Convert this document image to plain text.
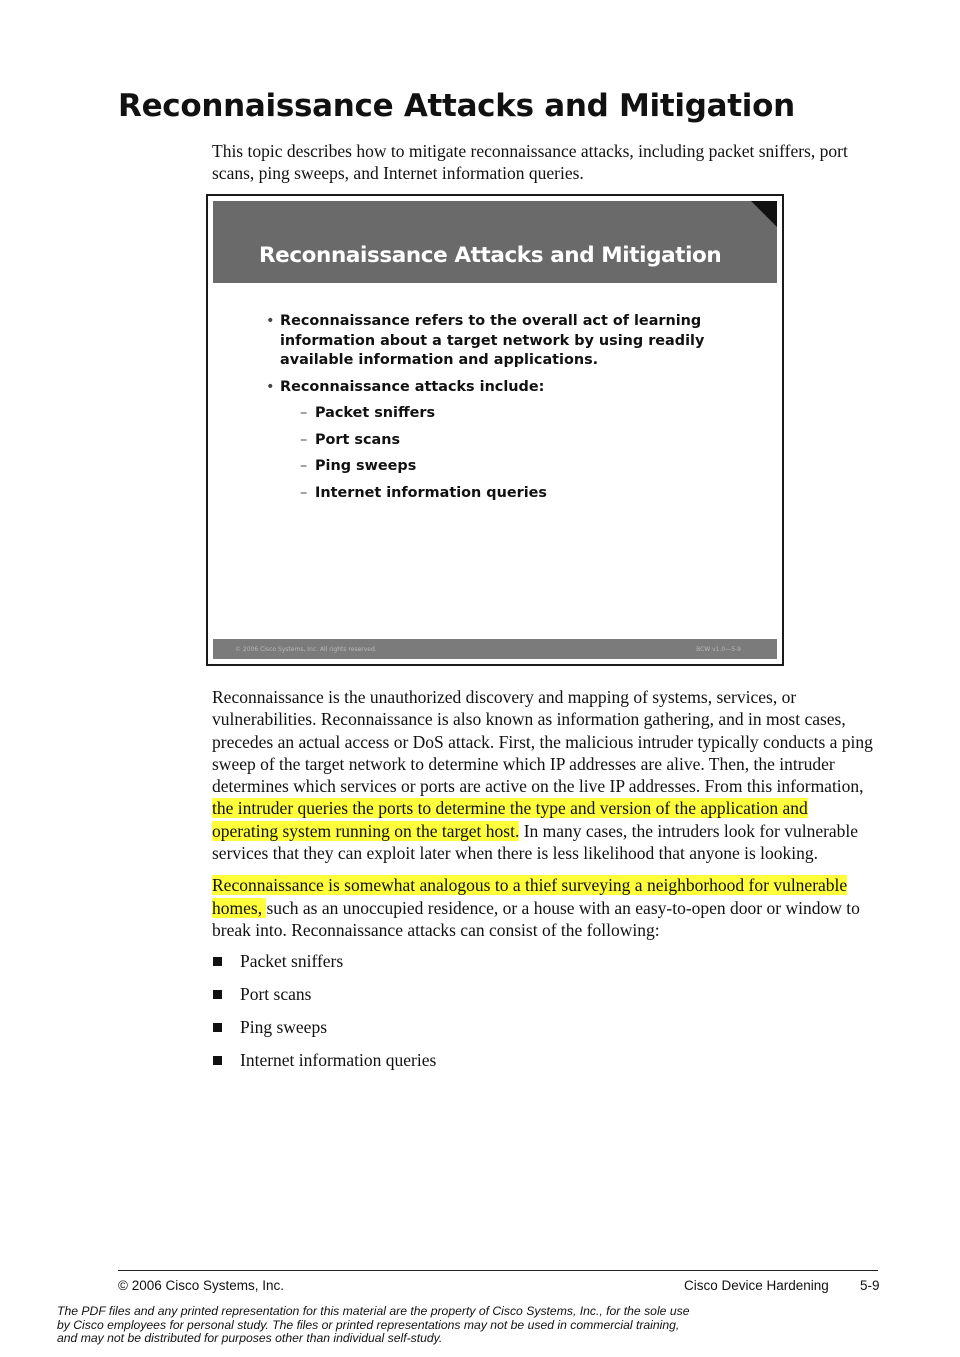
Reconnaissance Attacks and Mitigation

This topic describes how to mitigate reconnaissance attacks, including packet sniffers, port scans, ping sweeps, and Internet information queries.

Reconnaissance Attacks and Mitigation
• Reconnaissance refers to the overall act of learning information about a target network by using readily available information and applications.
• Reconnaissance attacks include:
– Packet sniffers
– Port scans
– Ping sweeps
– Internet information queries
© 2006 Cisco Systems, Inc. All rights reserved.	BCW v1.0—5-9

Reconnaissance is the unauthorized discovery and mapping of systems, services, or vulnerabilities. Reconnaissance is also known as information gathering, and in most cases, precedes an actual access or DoS attack. First, the malicious intruder typically conducts a ping sweep of the target network to determine which IP addresses are alive. Then, the intruder determines which services or ports are active on the live IP addresses. From this information, the intruder queries the ports to determine the type and version of the application and operating system running on the target host. In many cases, the intruders look for vulnerable services that they can exploit later when there is less likelihood that anyone is looking.

Reconnaissance is somewhat analogous to a thief surveying a neighborhood for vulnerable homes, such as an unoccupied residence, or a house with an easy-to-open door or window to break into. Reconnaissance attacks can consist of the following:

Packet sniffers
Port scans
Ping sweeps
Internet information queries
© 2006 Cisco Systems, Inc.	Cisco Device Hardening 5-9
The PDF files and any printed representation for this material are the property of Cisco Systems, Inc., for the sole use by Cisco employees for personal study. The files or printed representations may not be used in commercial training, and may not be distributed for purposes other than individual self-study.
